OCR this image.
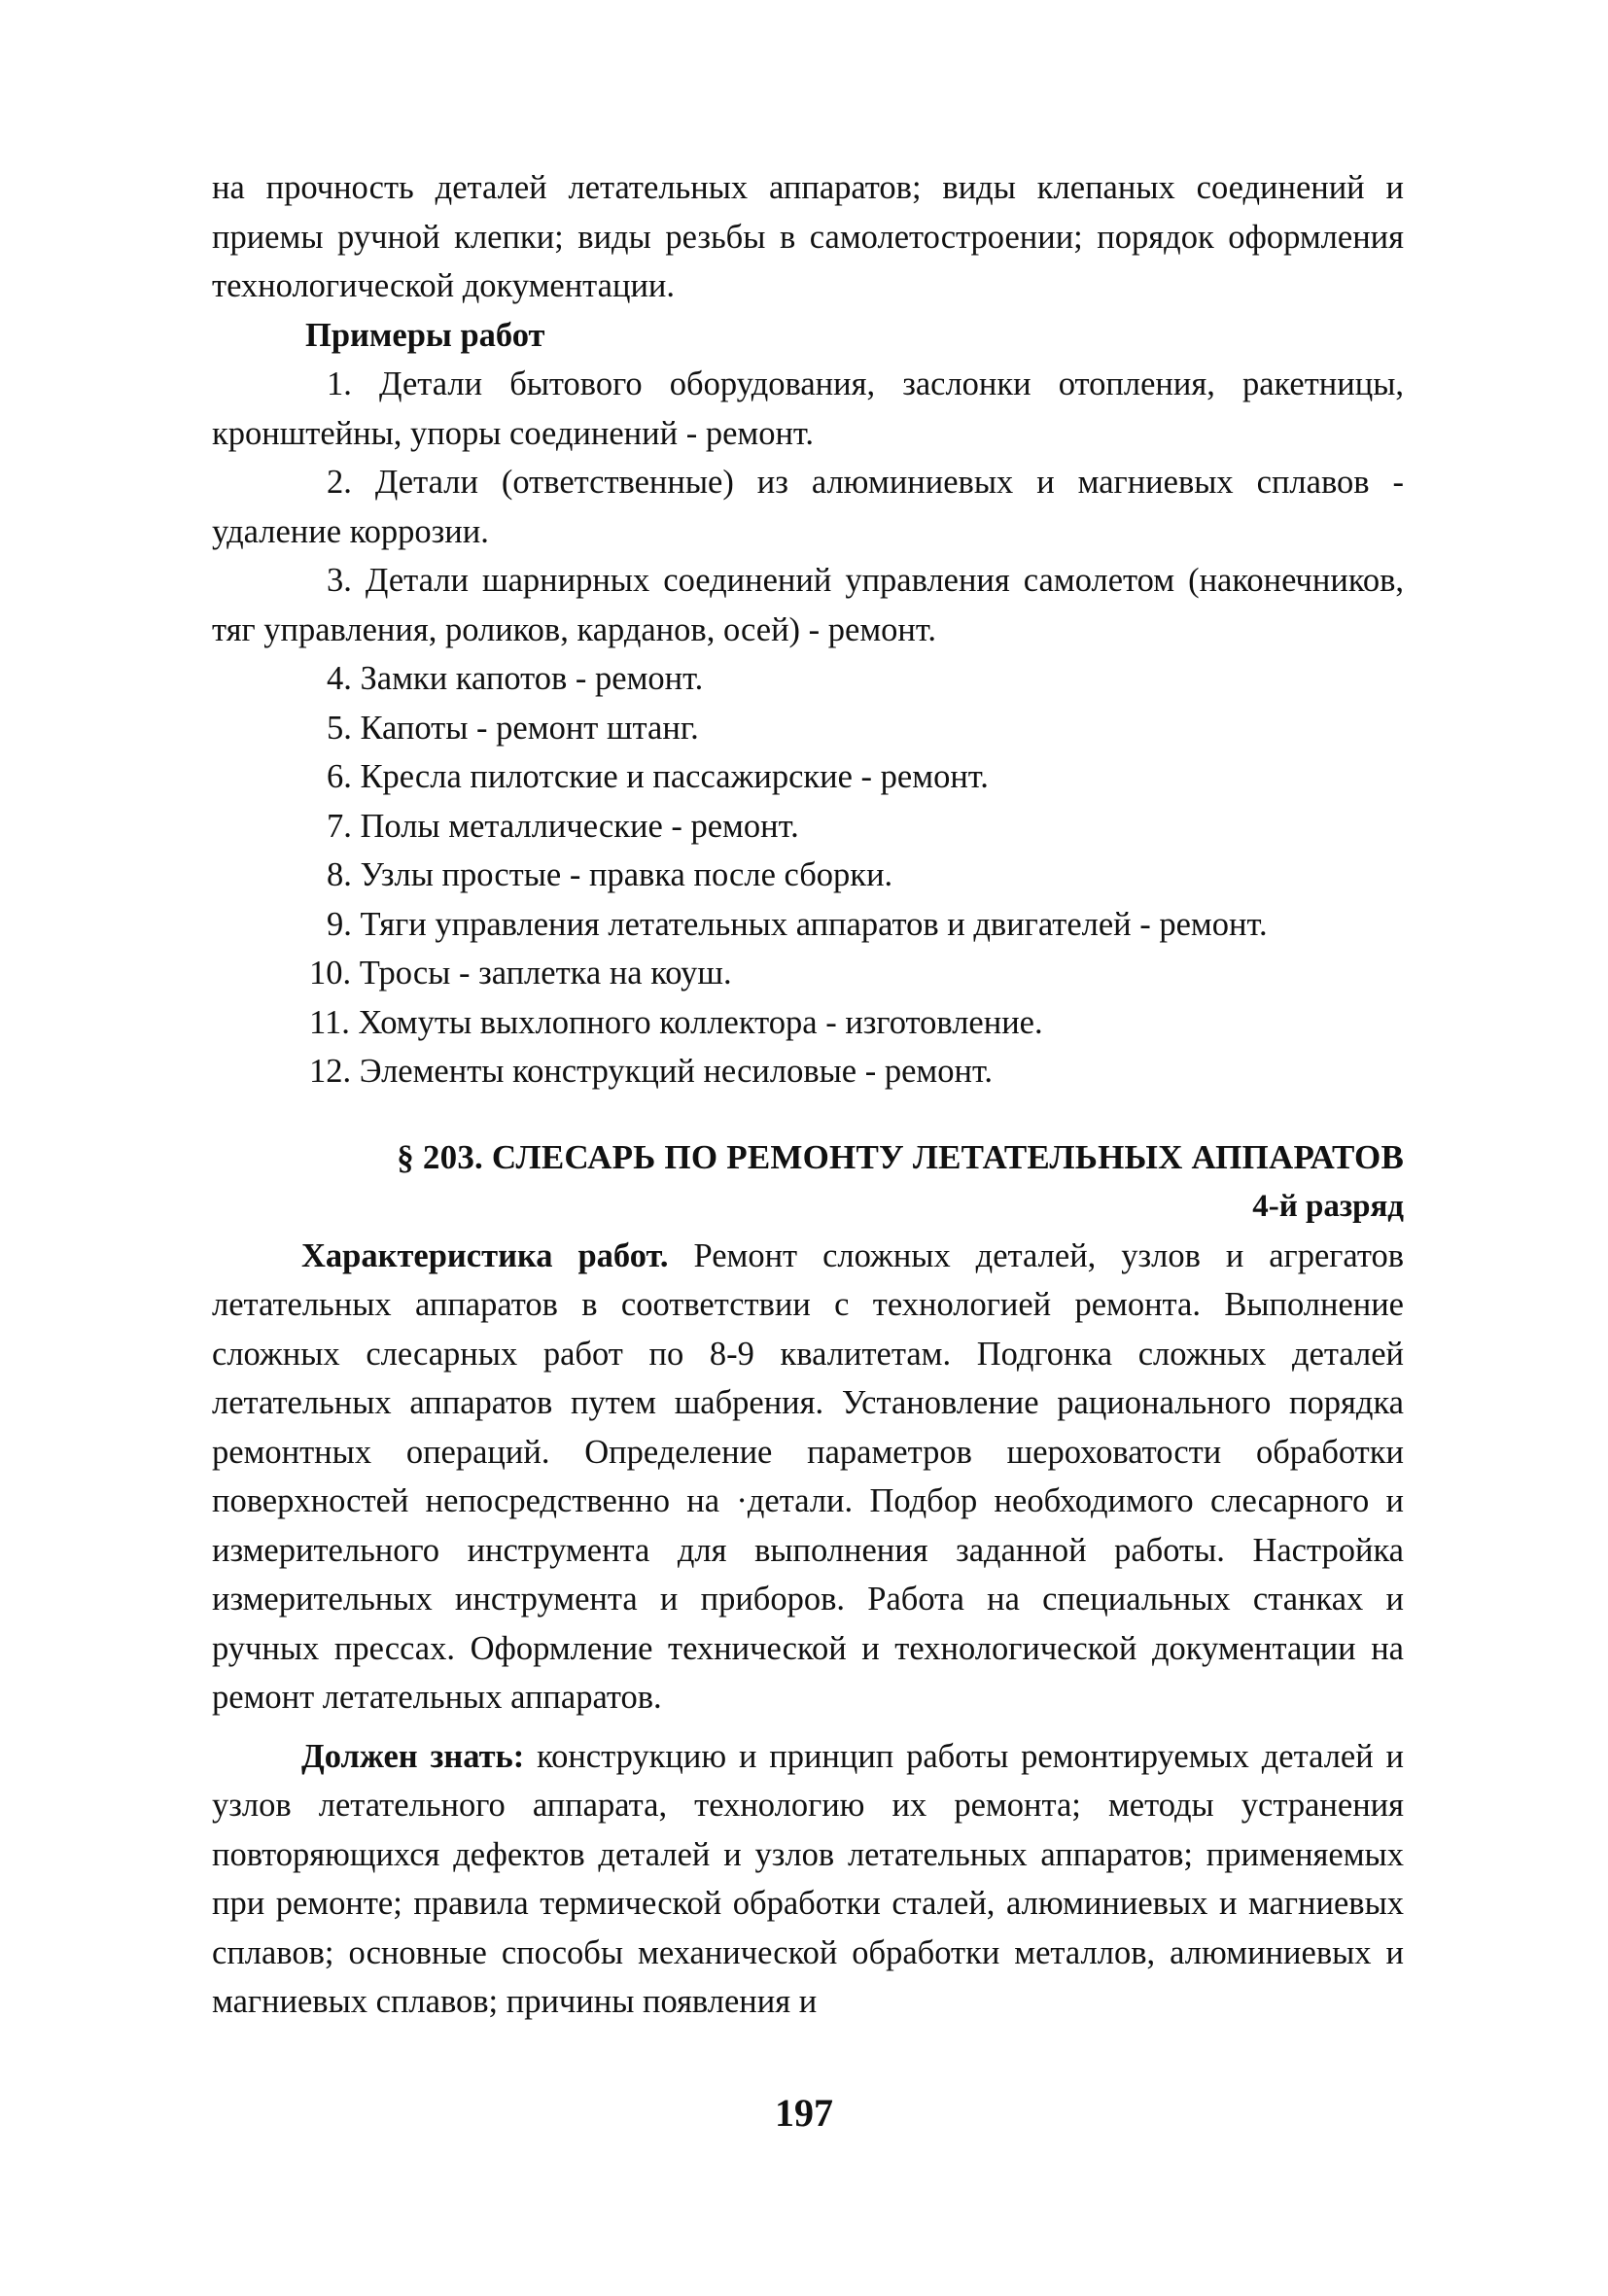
на прочность деталей летательных аппаратов; виды клепаных соединений и приемы ручной клепки; виды резьбы в самолетостроении; порядок оформления технологической документации.

Примеры работ

1. Детали бытового оборудования, заслонки отопления, ракетницы, кронштейны, упоры соединений - ремонт.

2. Детали (ответственные) из алюминиевых и магниевых сплавов - удаление коррозии.

3. Детали шарнирных соединений управления самолетом (наконечников, тяг управления, роликов, карданов, осей) - ремонт.

4. Замки капотов - ремонт.

5. Капоты - ремонт штанг.

6. Кресла пилотские и пассажирские - ремонт.

7. Полы металлические - ремонт.

8. Узлы простые - правка после сборки.

9. Тяги управления летательных аппаратов и двигателей - ремонт.

10. Тросы - заплетка на коуш.

11. Хомуты выхлопного коллектора - изготовление.

12. Элементы конструкций несиловые - ремонт.

§ 203. СЛЕСАРЬ ПО РЕМОНТУ ЛЕТАТЕЛЬНЫХ АППАРАТОВ

4-й разряд

Характеристика работ. Ремонт сложных деталей, узлов и агрегатов летательных аппаратов в соответствии с технологией ремонта. Выполнение сложных слесарных работ по 8-9 квалитетам. Подгонка сложных деталей летательных аппаратов путем шабрения. Установление рационального порядка ремонтных операций. Определение параметров шероховатости обработки поверхностей непосредственно на ·детали. Подбор необходимого слесарного и измерительного инструмента для выполнения заданной работы. Настройка измерительных инструмента и приборов. Работа на специальных станках и ручных прессах. Оформление технической и технологической документации на ремонт летательных аппаратов.

Должен знать: конструкцию и принцип работы ремонтируемых деталей и узлов летательного аппарата, технологию их ремонта; методы устранения повторяющихся дефектов деталей и узлов летательных аппаратов; применяемых при ремонте; правила термической обработки сталей, алюминиевых и магниевых сплавов; основные способы механической обработки металлов, алюминиевых и магниевых сплавов; причины появления и

197
